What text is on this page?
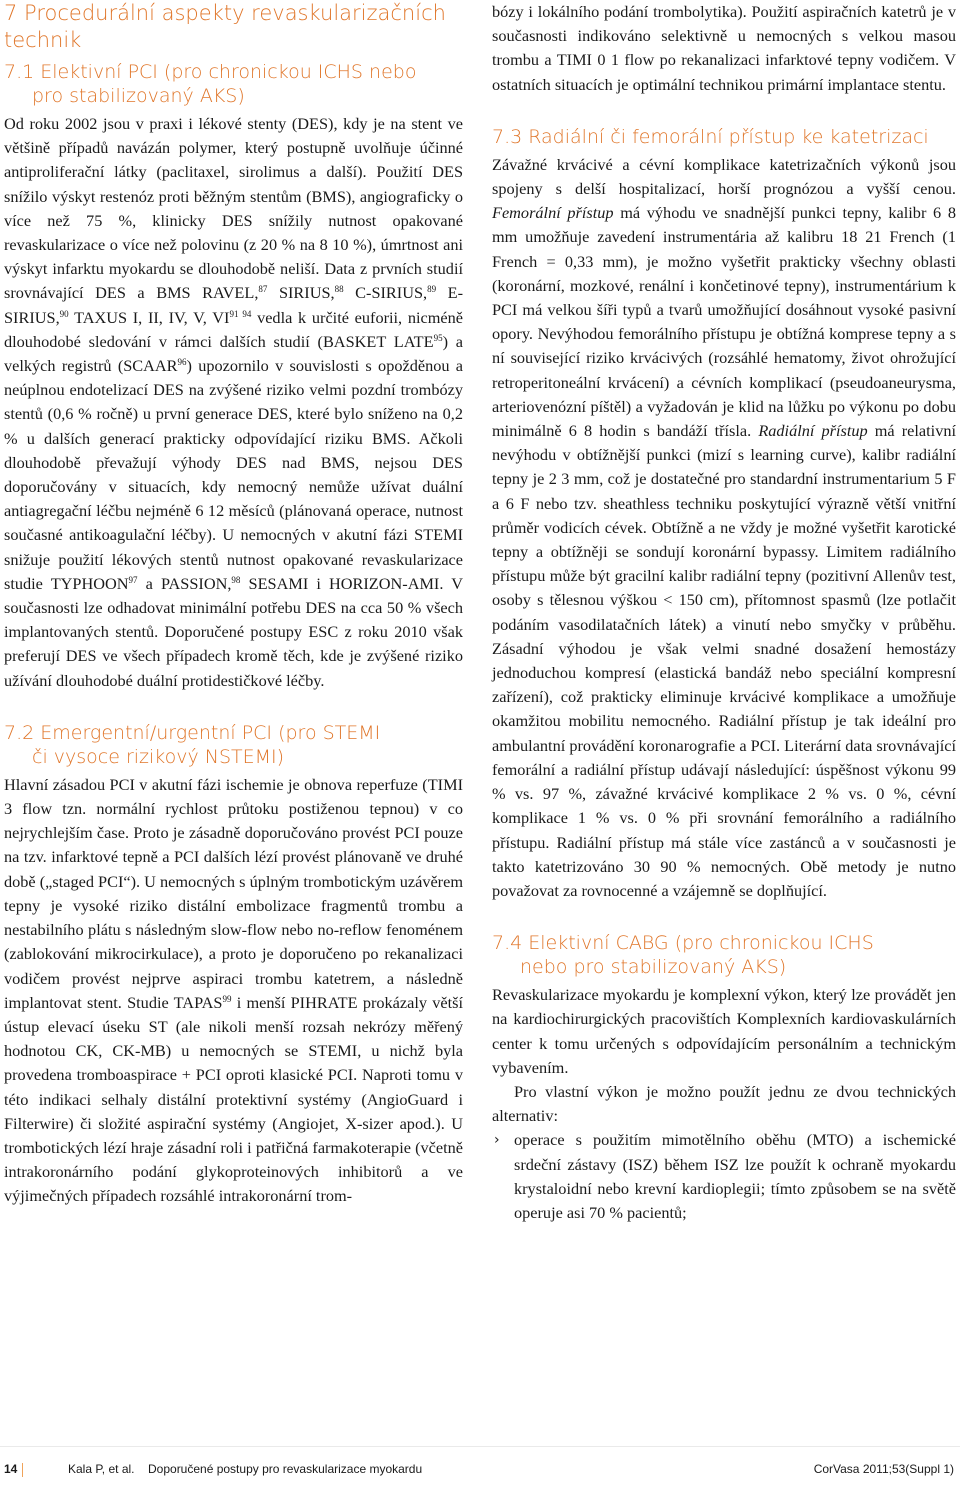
7 Procedurální aspekty revaskularizačních technik
7.1 Elektivní PCI (pro chronickou ICHS nebo
pro stabilizovaný AKS)

Od roku 2002 jsou v praxi i lékové stenty (DES), kdy je na stent ve většině případů navázán polymer, který postupně uvolňuje účinné antiproliferační látky (paclitaxel, sirolimus a další). Použití DES snížilo výskyt restenóz proti běžným stentům (BMS), angiograficky o více než 75 %, klinicky DES snížily nutnost opakované revaskularizace o více než polovinu (z 20 % na 8 10 %), úmrtnost ani výskyt infarktu myokardu se dlouhodobě neliší. Data z prvních studií srovnávající DES a BMS RAVEL,$^{87}$ SIRIUS,$^{88}$ C-SIRIUS,$^{89}$ E-SIRIUS,$^{90}$ TAXUS I, II, IV, V, $VI^{91 94}$ vedla k určité euforii, nicméně dlouhodobé sledování v rámci dalších studií (BASKET LATE$^{95}$) a velkých registrů (SCAAR$^{96}$) upozornilo v souvislosti s opožděnou a neúplnou endotelizací DES na zvýšené riziko velmi pozdní trombózy stentů (0,6 % ročně) u první generace DES, které bylo sníženo na 0,2 % u dalších generací prakticky odpovídající riziku BMS. Ačkoli dlouhodobě převažují výhody DES nad BMS, nejsou DES doporučovány v situacích, kdy nemocný nemůže užívat duální antiagregační léčbu nejméně 6 12 měsíců (plánovaná operace, nutnost současné antikoagulační léčby). U nemocných v akutní fázi STEMI snižuje použití lékových stentů nutnost opakované revaskularizace studie TYPHOON$^{97}$ a PASSION,$^{98}$ SESAMI i HORIZON-AMI. V současnosti lze odhadovat minimální potřebu DES na cca 50 % všech implantovaných stentů. Doporučené postupy ESC z roku 2010 však preferují DES ve všech případech kromě těch, kde je zvýšené riziko užívání dlouhodobé duální protidestičkové léčby.

7.2 Emergentní/urgentní PCI (pro STEMI
či vysoce rizikový NSTEMI)

Hlavní zásadou PCI v akutní fázi ischemie je obnova reperfuze (TIMI 3 flow tzn. normální rychlost průtoku postiženou tepnou) v co nejrychlejším čase. Proto je zásadně doporučováno provést PCI pouze na tzv. infarktové tepně a PCI dalších lézí provést plánovaně ve druhé době („staged PCI“). U nemocných s úplným trombotickým uzávěrem tepny je vysoké riziko distální embolizace fragmentů trombu a nestabilního plátu s následným slow-flow nebo no-reflow fenoménem (zablokování mikrocirkulace), a proto je doporučeno po rekanalizaci vodičem provést nejprve aspiraci trombu katetrem, a následně implantovat stent. Studie TAPAS$^{99}$ i menší PIHRATE prokázaly větší ústup elevací úseku ST (ale nikoli menší rozsah nekrózy měřený hodnotou CK, CK-MB) u nemocných se STEMI, u nichž byla provedena tromboaspirace + PCI oproti klasické PCI. Naproti tomu v této indikaci selhaly distální protektivní systémy (AngioGuard i Filterwire) či složité aspirační systémy (Angiojet, X-sizer apod.). U trombotických lézí hraje zásadní roli i patřičná farmakoterapie (včetně intrakoronárního podání glykoproteinových inhibitorů a ve výjimečných případech rozsáhlé intrakoronární trom-

bózy i lokálního podání trombolytika). Použití aspiračních katetrů je v současnosti indikováno selektivně u nemocných s velkou masou trombu a TIMI 0 1 flow po rekanalizaci infarktové tepny vodičem. V ostatních situacích je optimální technikou primární implantace stentu.

7.3 Radiální či femorální přístup ke katetrizaci

Závažné krvácivé a cévní komplikace katetrizačních výkonů jsou spojeny s delší hospitalizací, horší prognózou a vyšší cenou. Femorální přístup má výhodu ve snadnější punkci tepny, kalibr 6 8 mm umožňuje zavedení instrumentária až kalibru 18 21 French (1 French = 0,33 mm), je možno vyšetřit prakticky všechny oblasti (koronární, mozkové, renální i končetinové tepny), instrumentárium k PCI má velkou šíři typů a tvarů umožňující dosáhnout vysoké pasivní opory. Nevýhodou femorálního přístupu je obtížná komprese tepny a s ní související riziko krvácivých (rozsáhlé hematomy, život ohrožující retroperitoneální krvácení) a cévních komplikací (pseudoaneurysma, arteriovenózní píštěl) a vyžadován je klid na lůžku po výkonu po dobu minimálně 6 8 hodin s bandáží třísla. Radiální přístup má relativní nevýhodu v obtížnější punkci (mizí s learning curve), kalibr radiální tepny je 2 3 mm, což je dostatečné pro standardní instrumentarium 5 F a 6 F nebo tzv. sheathless techniku poskytující výrazně větší vnitřní průměr vodicích cévek. Obtížně a ne vždy je možné vyšetřit karotické tepny a obtížněji se sondují koronární bypassy. Limitem radiálního přístupu může být gracilní kalibr radiální tepny (pozitivní Allenův test, osoby s tělesnou výškou < 150 cm), přítomnost spasmů (lze potlačit podáním vasodilatačních látek) a vinutí nebo smyčky v průběhu. Zásadní výhodou je však velmi snadné dosažení hemostázy jednoduchou kompresí (elastická bandáž nebo speciální kompresní zařízení), což prakticky eliminuje krvácivé komplikace a umožňuje okamžitou mobilitu nemocného. Radiální přístup je tak ideální pro ambulantní provádění koronarografie a PCI. Literární data srovnávající femorální a radiální přístup udávají následující: úspěšnost výkonu 99 % vs. 97 %, závažné krvácivé komplikace 2 % vs. 0 %, cévní komplikace 1 % vs. 0 % při srovnání femorálního a radiálního přístupu. Radiální přístup má stále více zastánců a v současnosti je takto katetrizováno 30 90 % nemocných. Obě metody je nutno považovat za rovnocenné a vzájemně se doplňující.

7.4 Elektivní CABG (pro chronickou ICHS
nebo pro stabilizovaný AKS)

Revaskularizace myokardu je komplexní výkon, který lze provádět jen na kardiochirurgických pracovištích Komplexních kardiovaskulárních center k tomu určených s odpovídajícím personálním a technickým vybavením.

Pro vlastní výkon je možno použít jednu ze dvou technických alternativ:

› operace s použitím mimotělního oběhu (MTO) a ischemické srdeční zástavy (ISZ) během ISZ lze použít k ochraně myokardu krystaloidní nebo krevní kardioplegii; tímto způsobem se na světě operuje asi 70 % pacientů;
14	Kala P, et al. Doporučené postupy pro revaskularizace myokardu	CorVasa 2011;53(Suppl 1)
